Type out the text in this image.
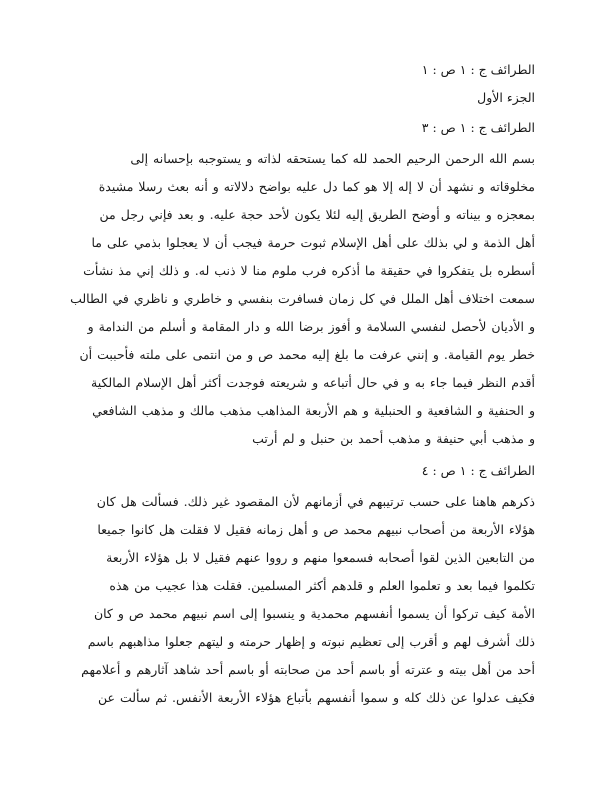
الطرائف ج : ١ ص : ١
الجزء الأول
الطرائف ج : ١ ص : ٣
بسم الله الرحمن الرحيم الحمد لله كما يستحقه لذاته و يستوجبه بإحسانه إلى
مخلوقاته و نشهد أن لا إله إلا هو كما دل عليه بواضح دلالاته و أنه بعث رسلا مشيدة
بمعجزه و بيناته و أوضح الطريق إليه لئلا يكون لأحد حجة عليه. و بعد فإني رجل من
أهل الذمة و لي بذلك على أهل الإسلام ثبوت حرمة فيجب أن لا يعجلوا بذمي على ما
أسطره بل يتفكروا في حقيقة ما أذكره فرب ملوم منا لا ذنب له. و ذلك إني مذ نشأت
سمعت اختلاف أهل الملل في كل زمان فسافرت بنفسي و خاطري و ناظري في الطالب
و الأديان لأحصل لنفسي السلامة و أفوز برضا الله و دار المقامة و أسلم من الندامة و
خطر يوم القيامة. و إنني عرفت ما بلغ إليه محمد ص و من انتمى على ملته فأحببت أن
أقدم النظر فيما جاء به و في حال أتباعه و شريعته فوجدت أكثر أهل الإسلام المالكية
و الحنفية و الشافعية و الحنبلية و هم الأربعة المذاهب مذهب مالك و مذهب الشافعي
و مذهب أبي حنيفة و مذهب أحمد بن حنبل و لم أرتب
الطرائف ج : ١ ص : ٤
ذكرهم هاهنا على حسب ترتيبهم في أزمانهم لأن المقصود غير ذلك. فسألت هل كان
هؤلاء الأربعة من أصحاب نبيهم محمد ص و أهل زمانه فقيل لا فقلت هل كانوا جميعا
من التابعين الذين لقوا أصحابه فسمعوا منهم و رووا عنهم فقيل لا بل هؤلاء الأربعة
تكلموا فيما بعد و تعلموا العلم و قلدهم أكثر المسلمين. فقلت هذا عجيب من هذه
الأمة كيف تركوا أن يسموا أنفسهم محمدية و ينسبوا إلى اسم نبيهم محمد ص و كان
ذلك أشرف لهم و أقرب إلى تعظيم نبوته و إظهار حرمته و ليتهم جعلوا مذاهبهم باسم
أحد من أهل بيته و عترته أو باسم أحد من صحابته أو باسم أحد شاهد آثارهم و أعلامهم
فكيف عدلوا عن ذلك كله و سموا أنفسهم بأتباع هؤلاء الأربعة الأنفس. ثم سألت عن
